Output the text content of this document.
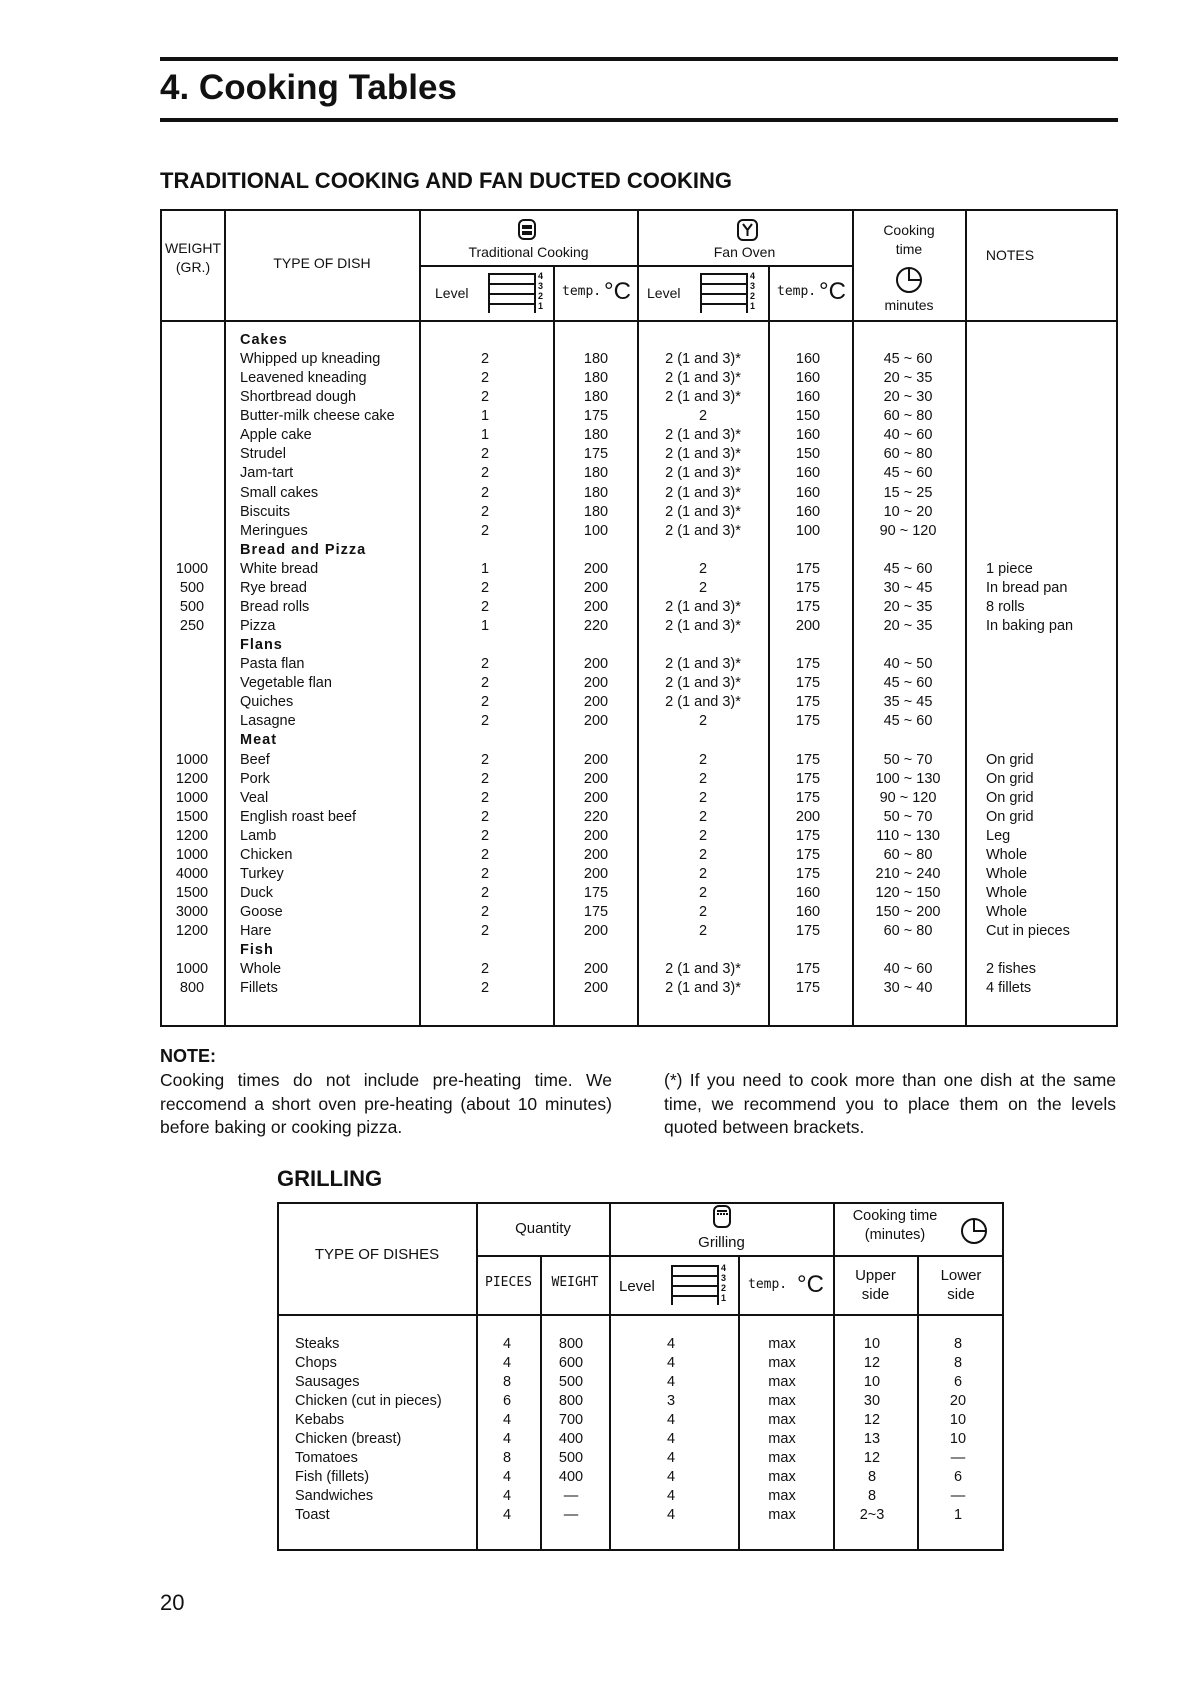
4. Cooking Tables
TRADITIONAL COOKING AND FAN DUCTED COOKING
WEIGHT
(GR.)	TYPE OF DISH
Traditional Cooking	Fan Oven
Cooking
time
minutes
NOTES
Level
4
3
2
1
temp. °C Level
4
3
2
1
temp. °C
Cakes
Whipped up kneading	2	180	2 (1 and 3)*	160	45 ~ 60
Leavened kneading	2	180	2 (1 and 3)*	160	20 ~ 35
Shortbread dough	2	180	2 (1 and 3)*	160	20 ~ 30
Butter-milk cheese cake	1	175	2	150	60 ~ 80
Apple cake	1	180	2 (1 and 3)*	160	40 ~ 60
Strudel	2	175	2 (1 and 3)*	150	60 ~ 80
Jam-tart	2	180	2 (1 and 3)*	160	45 ~ 60
Small cakes	2	180	2 (1 and 3)*	160	15 ~ 25
Biscuits	2	180	2 (1 and 3)*	160	10 ~ 20
Meringues	2	100	2 (1 and 3)*	100	90 ~ 120
Bread and Pizza
1000 White bread	1	200	2	175	45 ~ 60	1 piece
500 Rye bread	2	200	2	175	30 ~ 45	In bread pan
500 Bread rolls	2	200	2 (1 and 3)*	175	20 ~ 35	8 rolls
250 Pizza	1	220	2 (1 and 3)*	200	20 ~ 35	In baking pan
Flans
Pasta flan	2	200	2 (1 and 3)*	175	40 ~ 50
Vegetable flan	2	200	2 (1 and 3)*	175	45 ~ 60
Quiches	2	200	2 (1 and 3)*	175	35 ~ 45
Lasagne	2	200	2	175	45 ~ 60
Meat
1000 Beef	2	200	2	175	50 ~ 70	On grid
1200 Pork	2	200	2	175	100 ~ 130	On grid
1000 Veal	2	200	2	175	90 ~ 120	On grid
1500 English roast beef	2	220	2	200	50 ~ 70	On grid
1200 Lamb	2	200	2	175	110 ~ 130	Leg
1000 Chicken	2	200	2	175	60 ~ 80	Whole
4000 Turkey	2	200	2	175	210 ~ 240	Whole
1500 Duck	2	175	2	160	120 ~ 150	Whole
3000 Goose	2	175	2	160	150 ~ 200	Whole
1200 Hare	2	200	2	175	60 ~ 80	Cut in pieces
Fish
1000 Whole	2	200	2 (1 and 3)*	175	40 ~ 60	2 fishes
800 Fillets	2	200	2 (1 and 3)*	175	30 ~ 40	4 fillets
NOTE:
Cooking times do not include pre-heating time. We reccomend a short oven pre-heating (about 10 minutes) before baking or cooking pizza.
(*) If you need to cook more than one dish at the same time, we recommend you to place them on the levels quoted between brackets.
GRILLING
TYPE OF DISHES
Quantity
PIECES	WEIGHT
Grilling
Level
4
3
2
1
temp. °C
Cooking time
(minutes)
Upper
side
Lower
side
Steaks	4	800	4	max	10	8
Chops	4	600	4	max	12	8
Sausages	8	500	4	max	10	6
Chicken (cut in pieces)	6	800	3	max	30	20
Kebabs	4	700	4	max	12	10
Chicken (breast)	4	400	4	max	13	10
Tomatoes	8	500	4	max	12	—
Fish (fillets)	4	400	4	max	8	6
Sandwiches	4	—	4	max	8	—
Toast	4	—	4	max	2~3	1
20
